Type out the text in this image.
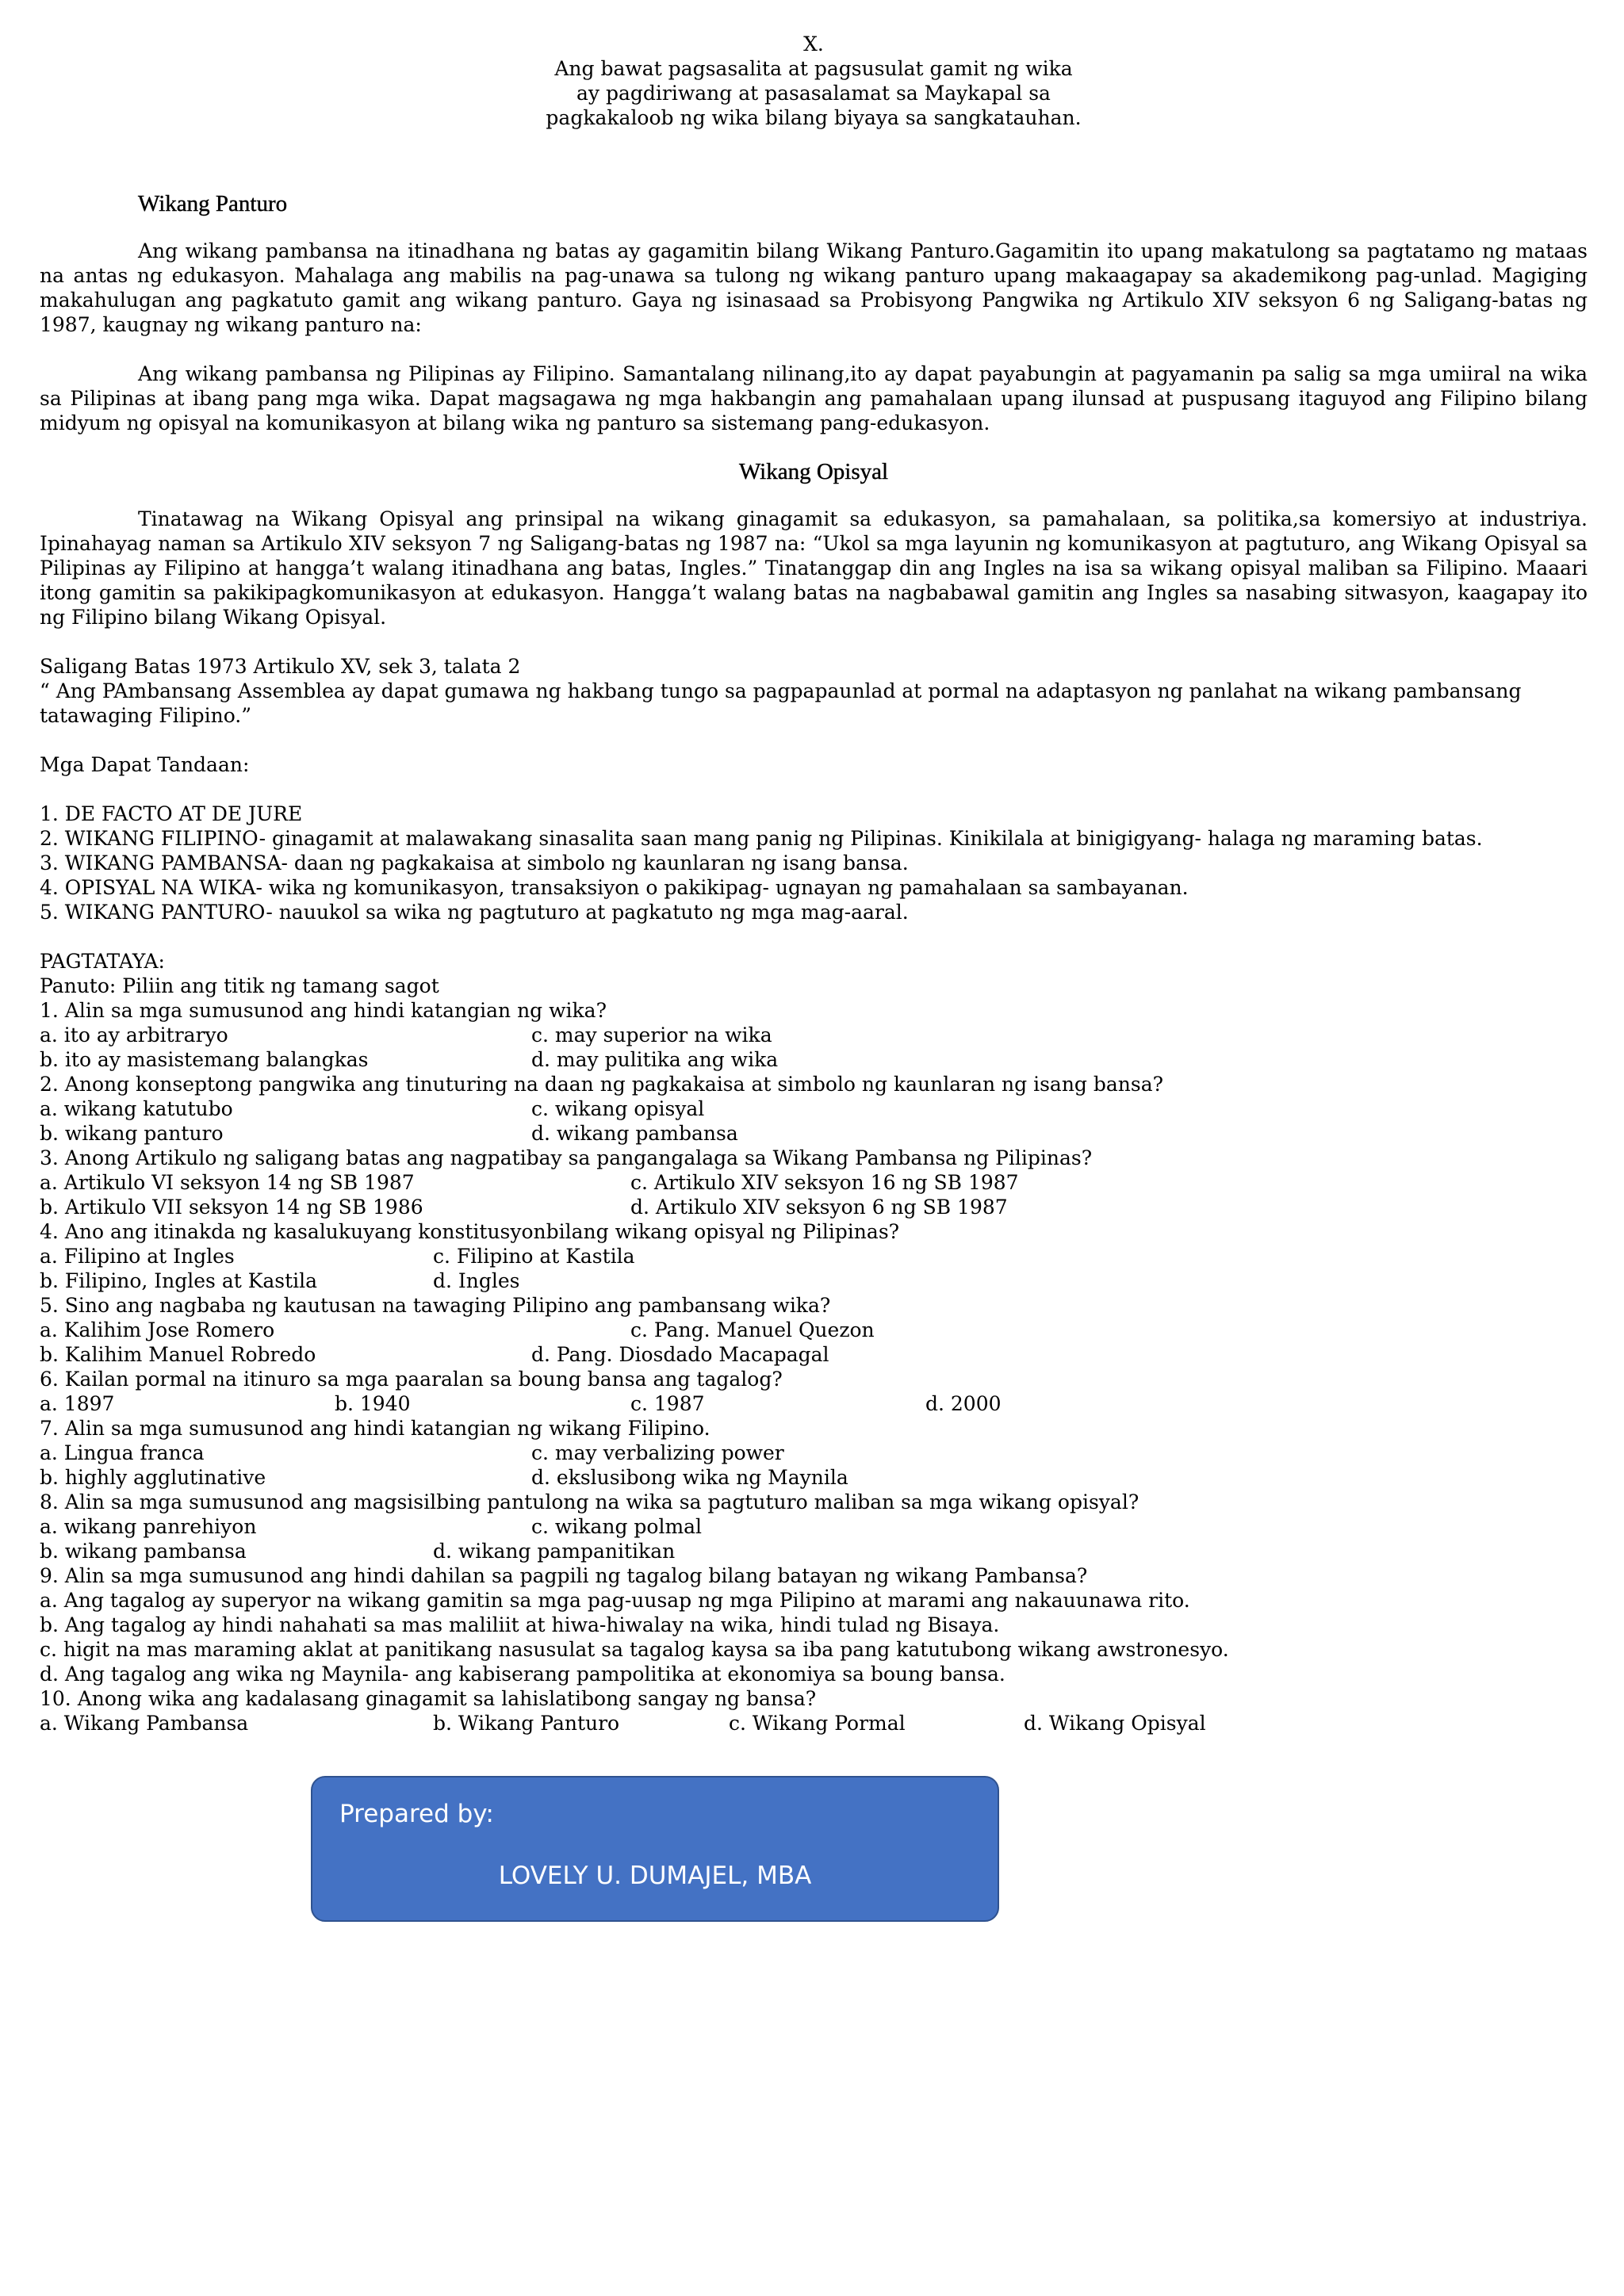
X.
Ang bawat pagsasalita at pagsusulat gamit ng wika
ay pagdiriwang at pasasalamat sa Maykapal sa
pagkakaloob ng wika bilang biyaya sa sangkatauhan.
Wikang Panturo

Ang wikang pambansa na itinadhana ng batas ay gagamitin bilang Wikang Panturo.Gagamitin ito upang makatulong sa pagtatamo ng mataas na antas ng edukasyon. Mahalaga ang mabilis na pag-unawa sa tulong ng wikang panturo upang makaagapay sa akademikong pag-unlad. Magiging makahulugan ang pagkatuto gamit ang wikang panturo. Gaya ng isinasaad sa Probisyong Pangwika ng Artikulo XIV seksyon 6 ng Saligang-batas ng 1987, kaugnay ng wikang panturo na:

Ang wikang pambansa ng Pilipinas ay Filipino. Samantalang nilinang,ito ay dapat payabungin at pagyamanin pa salig sa mga umiiral na wika sa Pilipinas at ibang pang mga wika. Dapat magsagawa ng mga hakbangin ang pamahalaan upang ilunsad at puspusang itaguyod ang Filipino bilang midyum ng opisyal na komunikasyon at bilang wika ng panturo sa sistemang pang-edukasyon.

Wikang Opisyal

Tinatawag na Wikang Opisyal ang prinsipal na wikang ginagamit sa edukasyon, sa pamahalaan, sa politika,sa komersiyo at industriya. Ipinahayag naman sa Artikulo XIV seksyon 7 ng Saligang-batas ng 1987 na: “Ukol sa mga layunin ng komunikasyon at pagtuturo, ang Wikang Opisyal sa Pilipinas ay Filipino at hangga’t walang itinadhana ang batas, Ingles.” Tinatanggap din ang Ingles na isa sa wikang opisyal maliban sa Filipino. Maaari itong gamitin sa pakikipagkomunikasyon at edukasyon. Hangga’t walang batas na nagbabawal gamitin ang Ingles sa nasabing sitwasyon, kaagapay ito ng Filipino bilang Wikang Opisyal.

Saligang Batas 1973 Artikulo XV, sek 3, talata 2
“ Ang PAmbansang Assemblea ay dapat gumawa ng hakbang tungo sa pagpapaunlad at pormal na adaptasyon ng panlahat na wikang pambansang tatawaging Filipino.”
Mga Dapat Tandaan:
1. DE FACTO AT DE JURE
2. WIKANG FILIPINO- ginagamit at malawakang sinasalita saan mang panig ng Pilipinas. Kinikilala at binigigyang- halaga ng maraming batas.
3. WIKANG PAMBANSA- daan ng pagkakaisa at simbolo ng kaunlaran ng isang bansa.
4. OPISYAL NA WIKA- wika ng komunikasyon, transaksiyon o pakikipag- ugnayan ng pamahalaan sa sambayanan.
5. WIKANG PANTURO- nauukol sa wika ng pagtuturo at pagkatuto ng mga mag-aaral.
PAGTATAYA:
Panuto: Piliin ang titik ng tamang sagot
1. Alin sa mga sumusunod ang hindi katangian ng wika?
a. ito ay arbitraryo	c. may superior na wika
b. ito ay masistemang balangkas	d. may pulitika ang wika
2. Anong konseptong pangwika ang tinuturing na daan ng pagkakaisa at simbolo ng kaunlaran ng isang bansa?
a. wikang katutubo	c. wikang opisyal
b. wikang panturo	d. wikang pambansa
3. Anong Artikulo ng saligang batas ang nagpatibay sa pangangalaga sa Wikang Pambansa ng Pilipinas?
a. Artikulo VI seksyon 14 ng SB 1987	c. Artikulo XIV seksyon 16 ng SB 1987
b. Artikulo VII seksyon 14 ng SB 1986	d. Artikulo XIV seksyon 6 ng SB 1987
4. Ano ang itinakda ng kasalukuyang konstitusyonbilang wikang opisyal ng Pilipinas?
a. Filipino at Ingles	c. Filipino at Kastila
b. Filipino, Ingles at Kastila	d. Ingles
5. Sino ang nagbaba ng kautusan na tawaging Pilipino ang pambansang wika?
a. Kalihim Jose Romero	c. Pang. Manuel Quezon
b. Kalihim Manuel Robredo	d. Pang. Diosdado Macapagal
6. Kailan pormal na itinuro sa mga paaralan sa boung bansa ang tagalog?
a. 1897	b. 1940	c. 1987	d. 2000
7. Alin sa mga sumusunod ang hindi katangian ng wikang Filipino.
a. Lingua franca	c. may verbalizing power
b. highly agglutinative	d. ekslusibong wika ng Maynila
8. Alin sa mga sumusunod ang magsisilbing pantulong na wika sa pagtuturo maliban sa mga wikang opisyal?
a. wikang panrehiyon	c. wikang polmal
b. wikang pambansa	d. wikang pampanitikan
9. Alin sa mga sumusunod ang hindi dahilan sa pagpili ng tagalog bilang batayan ng wikang Pambansa?
a. Ang tagalog ay superyor na wikang gamitin sa mga pag-uusap ng mga Pilipino at marami ang nakauunawa rito.
b. Ang tagalog ay hindi nahahati sa mas maliliit at hiwa-hiwalay na wika, hindi tulad ng Bisaya.
c. higit na mas maraming aklat at panitikang nasusulat sa tagalog kaysa sa iba pang katutubong wikang awstronesyo.
d. Ang tagalog ang wika ng Maynila- ang kabiserang pampolitika at ekonomiya sa boung bansa.
10. Anong wika ang kadalasang ginagamit sa lahislatibong sangay ng bansa?
a. Wikang Pambansa	b. Wikang Panturo	c. Wikang Pormal	d. Wikang Opisyal
Prepared by:
LOVELY U. DUMAJEL, MBA
